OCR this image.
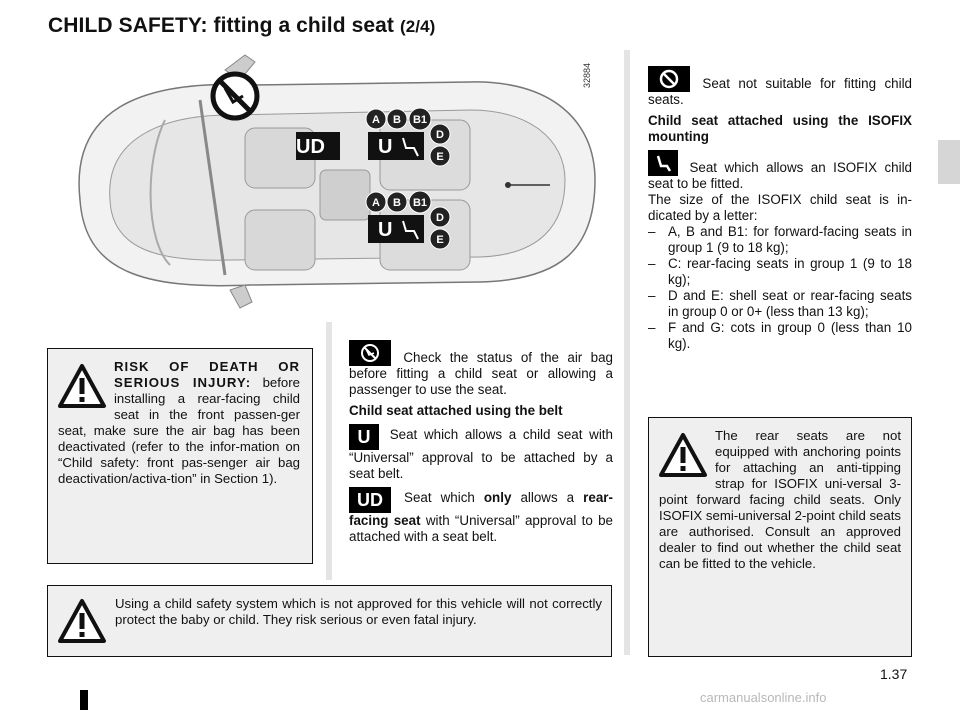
CHILD SAFETY: fitting a child seat (2/4)
UD	U
U
A B B1
D
E
A B B1
D
E
32884	Seat not suitable for fitting child seats.

Child seat attached using the ISOFIX mounting

Seat which allows an ISOFIX child seat to be fitted.

The size of the ISOFIX child seat is in-dicated by a letter:

– A, B and B1: for forward-facing seats in group 1 (9 to 18 kg);
– C: rear-facing seats in group 1 (9 to 18 kg);
– D and E: shell seat or rear-facing seats in group 0 or 0+ (less than 13 kg);
– F and G: cots in group 0 (less than 10 kg).

Check the status of the air bag before fitting a child seat or allowing a passenger to use the seat.

Child seat attached using the belt

U Seat which allows a child seat with “Universal” approval to be attached by a seat belt.

UD Seat which only allows a rear-facing seat with “Universal” approval to be attached with a seat belt.

RISK OF DEATH OR SERIOUS INJURY: before installing a rear-facing child seat in the front passen-ger seat, make sure the air bag has been deactivated (refer to the infor-mation on “Child safety: front pas-senger air bag deactivation/activa-tion” in Section 1).
Using a child safety system which is not approved for this vehicle will not correctly protect the baby or child. They risk serious or even fatal injury.
The rear seats are not equipped with anchoring points for attaching an anti-tipping strap for ISOFIX uni-versal 3-point forward facing child seats. Only ISOFIX semi-universal 2-point child seats are authorised. Consult an approved dealer to find out whether the child seat can be fitted to the vehicle.
1.37
carmanualsonline.info
